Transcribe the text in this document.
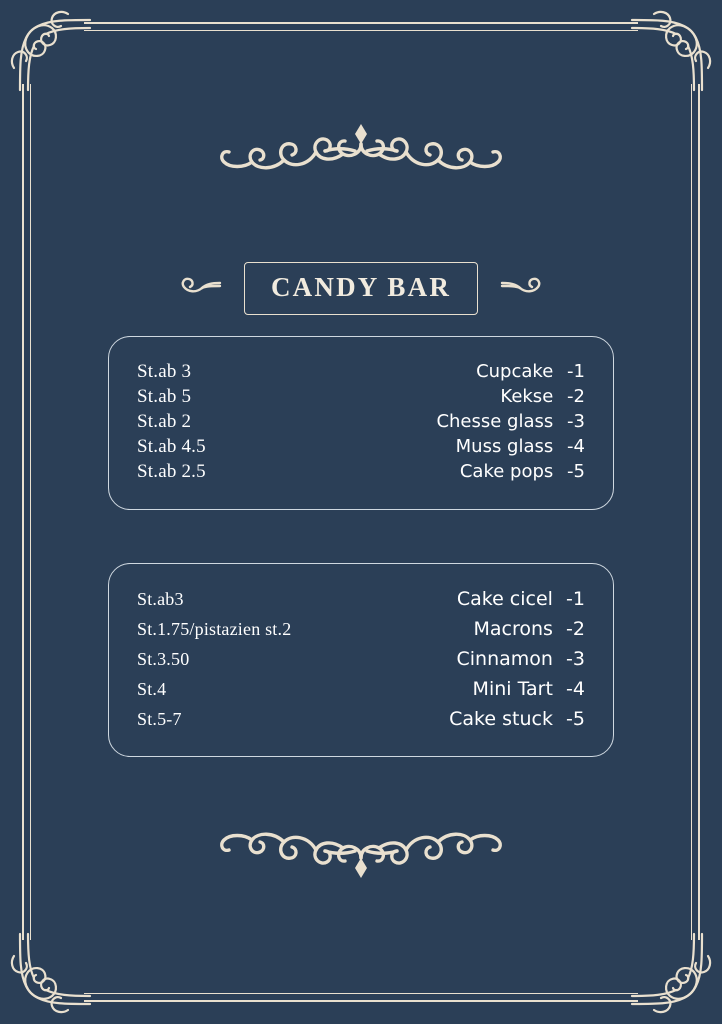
CANDY BAR
St.ab 3	Cupcake -1
St.ab 5	Kekse -2
St.ab 2	Chesse glass -3
St.ab 4.5	Muss glass -4
St.ab 2.5	Cake pops -5
St.ab3	Cake cicel -1
St.1.75/pistazien st.2	Macrons -2
St.3.50	Cinnamon -3
St.4	Mini Tart -4
St.5-7	Cake stuck -5
